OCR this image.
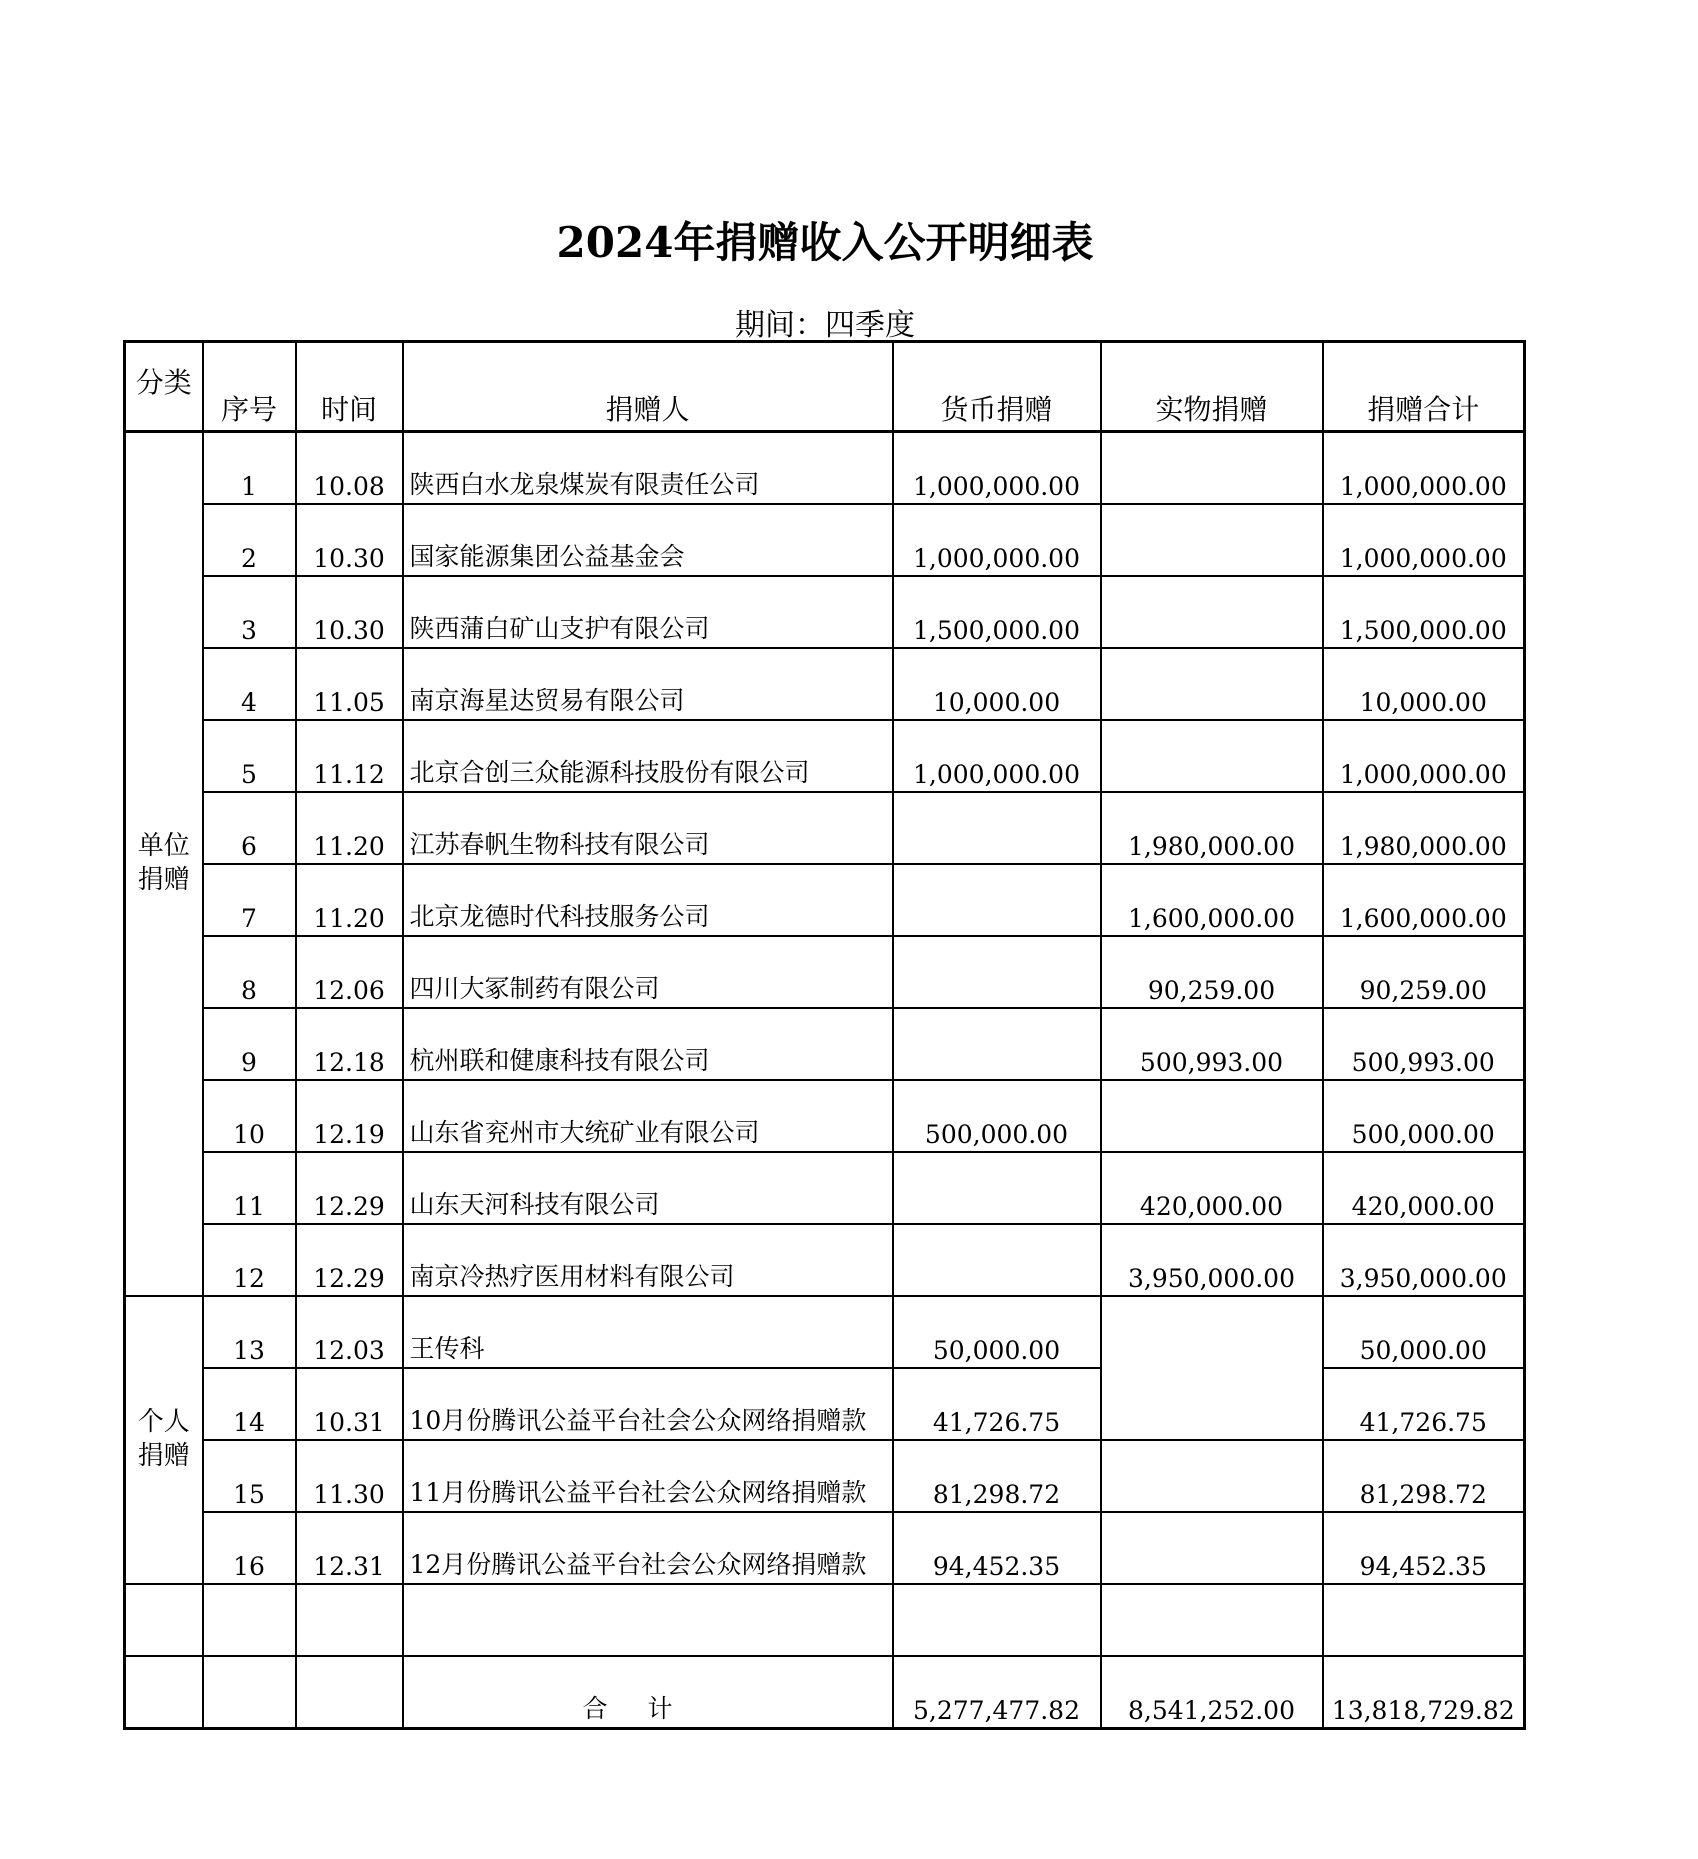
2024年捐赠收入公开明细表
期间：四季度
分类	序号	时间	捐赠人	货币捐赠	实物捐赠	捐赠合计
单位捐赠	1	10.08	陕西白水龙泉煤炭有限责任公司	1,000,000.00		1,000,000.00
	2	10.30	国家能源集团公益基金会	1,000,000.00		1,000,000.00
	3	10.30	陕西蒲白矿山支护有限公司	1,500,000.00		1,500,000.00
	4	11.05	南京海星达贸易有限公司	10,000.00		10,000.00
	5	11.12	北京合创三众能源科技股份有限公司	1,000,000.00		1,000,000.00
	6	11.20	江苏春帆生物科技有限公司		1,980,000.00	1,980,000.00
	7	11.20	北京龙德时代科技服务公司		1,600,000.00	1,600,000.00
	8	12.06	四川大冢制药有限公司		90,259.00	90,259.00
	9	12.18	杭州联和健康科技有限公司		500,993.00	500,993.00
	10	12.19	山东省兖州市大统矿业有限公司	500,000.00		500,000.00
	11	12.29	山东天河科技有限公司		420,000.00	420,000.00
	12	12.29	南京冷热疗医用材料有限公司		3,950,000.00	3,950,000.00
个人捐赠	13	12.03	王传科	50,000.00		50,000.00
	14	10.31	10月份腾讯公益平台社会公众网络捐赠款	41,726.75		41,726.75
	15	11.30	11月份腾讯公益平台社会公众网络捐赠款	81,298.72		81,298.72
	16	12.31	12月份腾讯公益平台社会公众网络捐赠款	94,452.35		94,452.35

			合计	5,277,477.82	8,541,252.00	13,818,729.82
